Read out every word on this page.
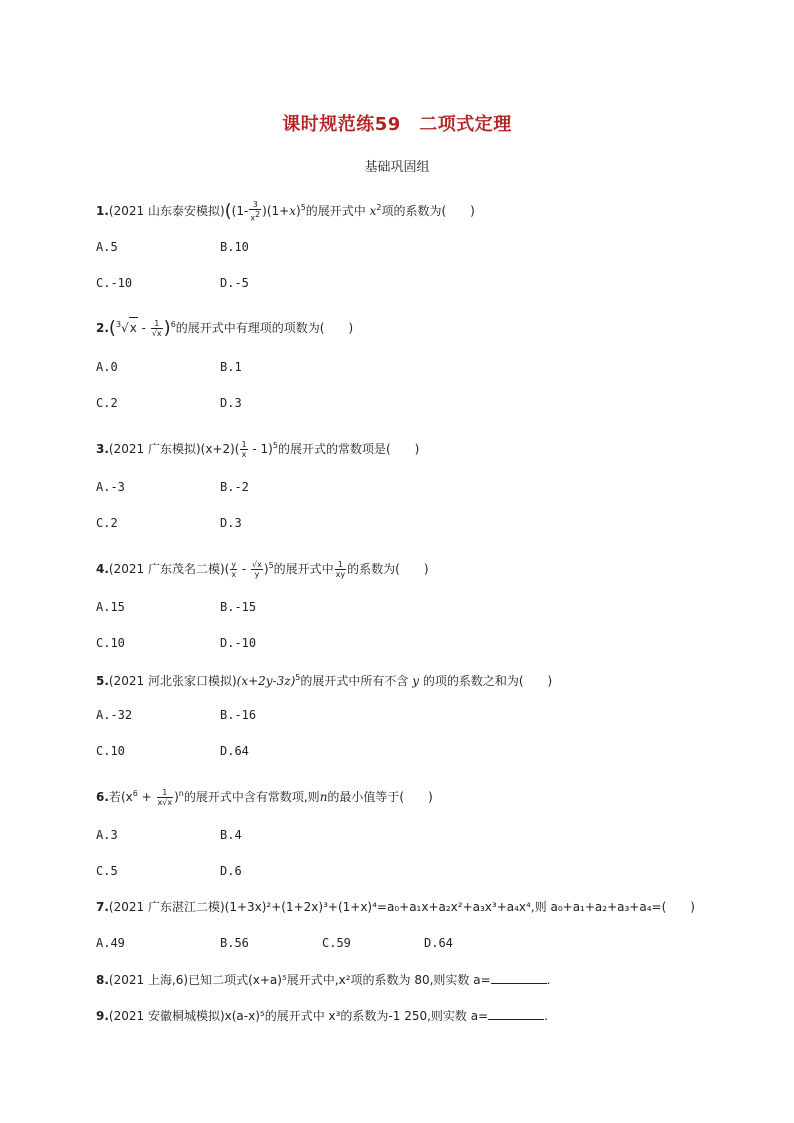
课时规范练59　二项式定理
基础巩固组
1.(2021 山东泰安模拟)($(1- \frac{3}{x^2} )(1+x)^5$的展开式中 $x^2$项的系数为(　　)
A.5	B.10
C.-10	D.-5
$2.(^3√x - \frac{1}{√x} )^6$的展开式中有理项的项数为(　　)
A.0	B.1
C.2	D.3
3.(2021 广东模拟)$(x+2)( \frac{1}{x} - 1)^5$的展开式的常数项是(　　)
A.-3	B.-2
C.2	D.3
4.(2021 广东茂名二模)( $\frac{y}{x} - \frac{√x}{y} )^5$的展开式中 $\frac{1}{xy}$ 的系数为(　　)
A.15	B.-15
C.10	D.-10
5.(2021 河北张家口模拟)$(x+2y-3z)^5$的展开式中所有不含 y 的项的系数之和为(　　)
A.-32	B.-16
C.10	D.64
6.若$(x^6 + \frac{1}{x√x} )^n$的展开式中含有常数项,则n的最小值等于(　　)
A.3	B.4
C.5	D.6
7.(2021 广东湛江二模)(1+3x)²+(1+2x)³+(1+x)⁴=a₀+a₁x+a₂x²+a₃x³+a₄x⁴,则 a₀+a₁+a₂+a₃+a₄=(　　)
A.49	B.56	C.59	D.64
8.(2021 上海,6)已知二项式(x+a)⁵展开式中,x²项的系数为 80,则实数 a=	.
9.(2021 安徽桐城模拟)x(a-x)⁵的展开式中 x³的系数为-1 250,则实数 a=	.
